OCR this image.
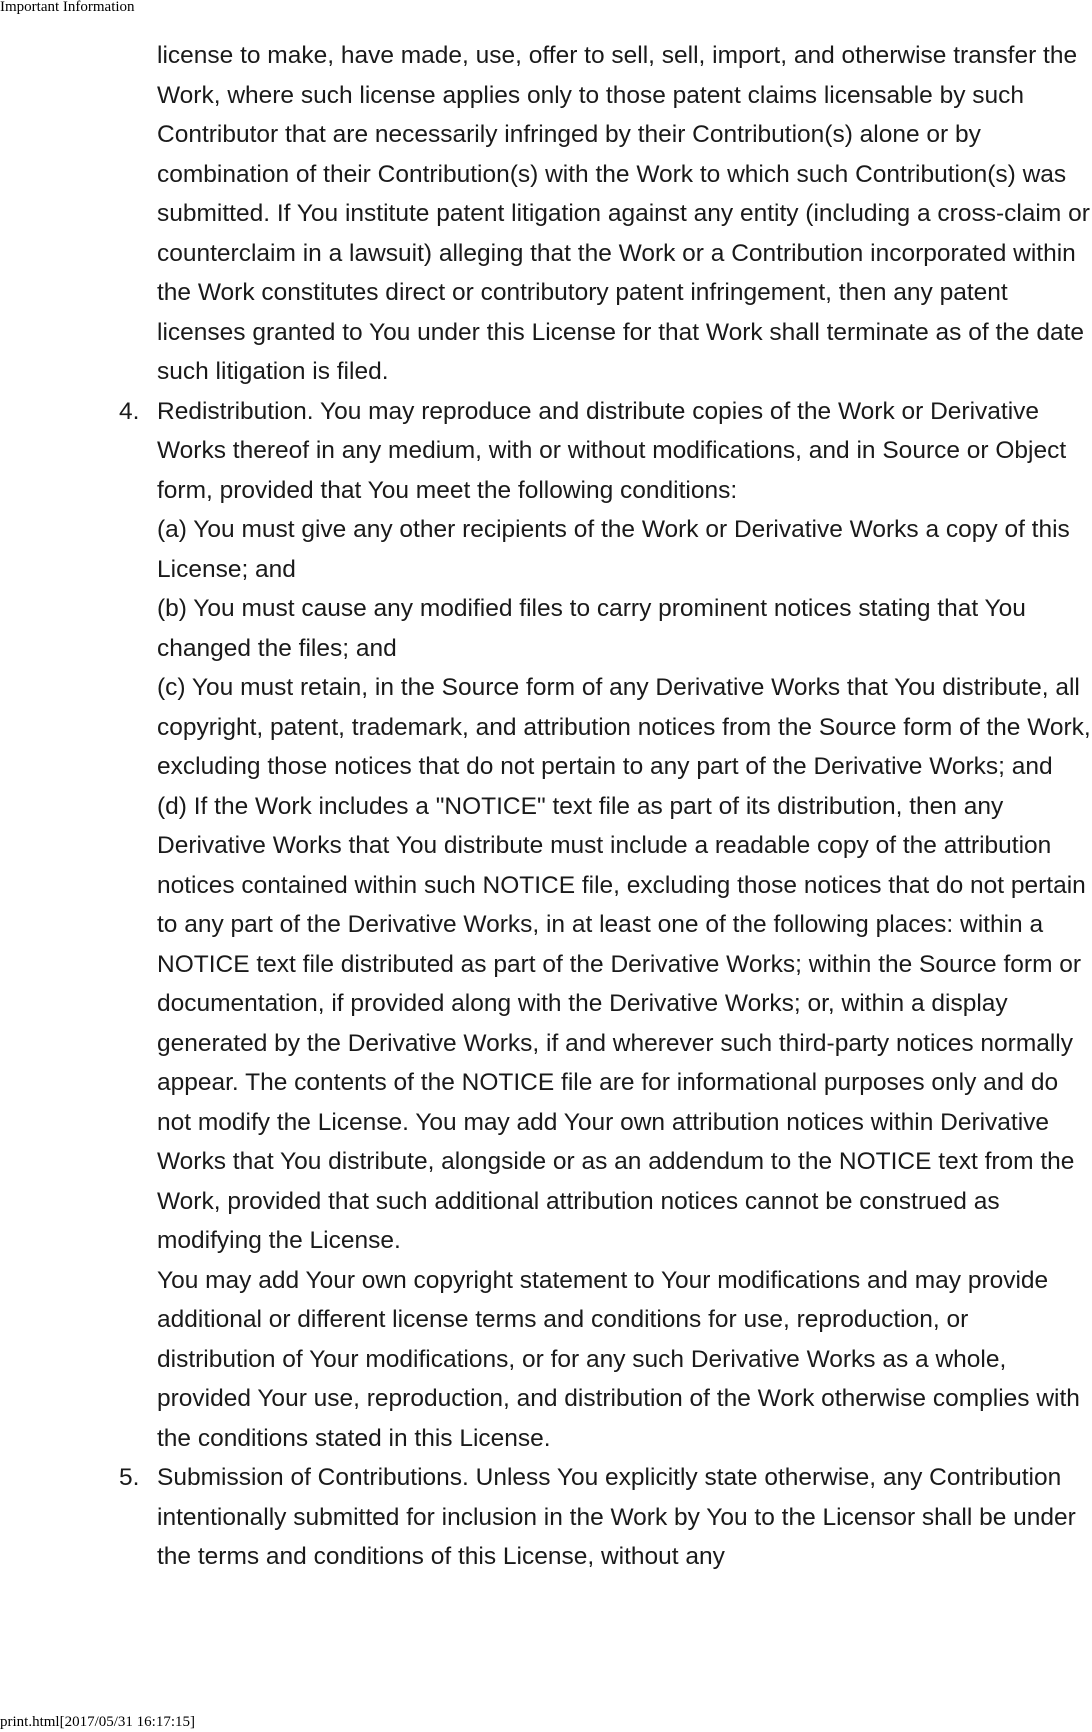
Important Information

license to make, have made, use, offer to sell, sell, import, and otherwise transfer the Work, where such license applies only to those patent claims licensable by such Contributor that are necessarily infringed by their Contribution(s) alone or by combination of their Contribution(s) with the Work to which such Contribution(s) was submitted. If You institute patent litigation against any entity (including a cross-claim or counterclaim in a lawsuit) alleging that the Work or a Contribution incorporated within the Work constitutes direct or contributory patent infringement, then any patent licenses granted to You under this License for that Work shall terminate as of the date such litigation is filed.

4. Redistribution. You may reproduce and distribute copies of the Work or Derivative Works thereof in any medium, with or without modifications, and in Source or Object form, provided that You meet the following conditions:

(a) You must give any other recipients of the Work or Derivative Works a copy of this License; and

(b) You must cause any modified files to carry prominent notices stating that You changed the files; and

(c) You must retain, in the Source form of any Derivative Works that You distribute, all copyright, patent, trademark, and attribution notices from the Source form of the Work, excluding those notices that do not pertain to any part of the Derivative Works; and

(d) If the Work includes a "NOTICE" text file as part of its distribution, then any Derivative Works that You distribute must include a readable copy of the attribution notices contained within such NOTICE file, excluding those notices that do not pertain to any part of the Derivative Works, in at least one of the following places: within a NOTICE text file distributed as part of the Derivative Works; within the Source form or documentation, if provided along with the Derivative Works; or, within a display generated by the Derivative Works, if and wherever such third-party notices normally appear. The contents of the NOTICE file are for informational purposes only and do not modify the License. You may add Your own attribution notices within Derivative Works that You distribute, alongside or as an addendum to the NOTICE text from the Work, provided that such additional attribution notices cannot be construed as modifying the License.

You may add Your own copyright statement to Your modifications and may provide additional or different license terms and conditions for use, reproduction, or distribution of Your modifications, or for any such Derivative Works as a whole, provided Your use, reproduction, and distribution of the Work otherwise complies with the conditions stated in this License.

5. Submission of Contributions. Unless You explicitly state otherwise, any Contribution intentionally submitted for inclusion in the Work by You to the Licensor shall be under the terms and conditions of this License, without any

print.html[2017/05/31 16:17:15]
